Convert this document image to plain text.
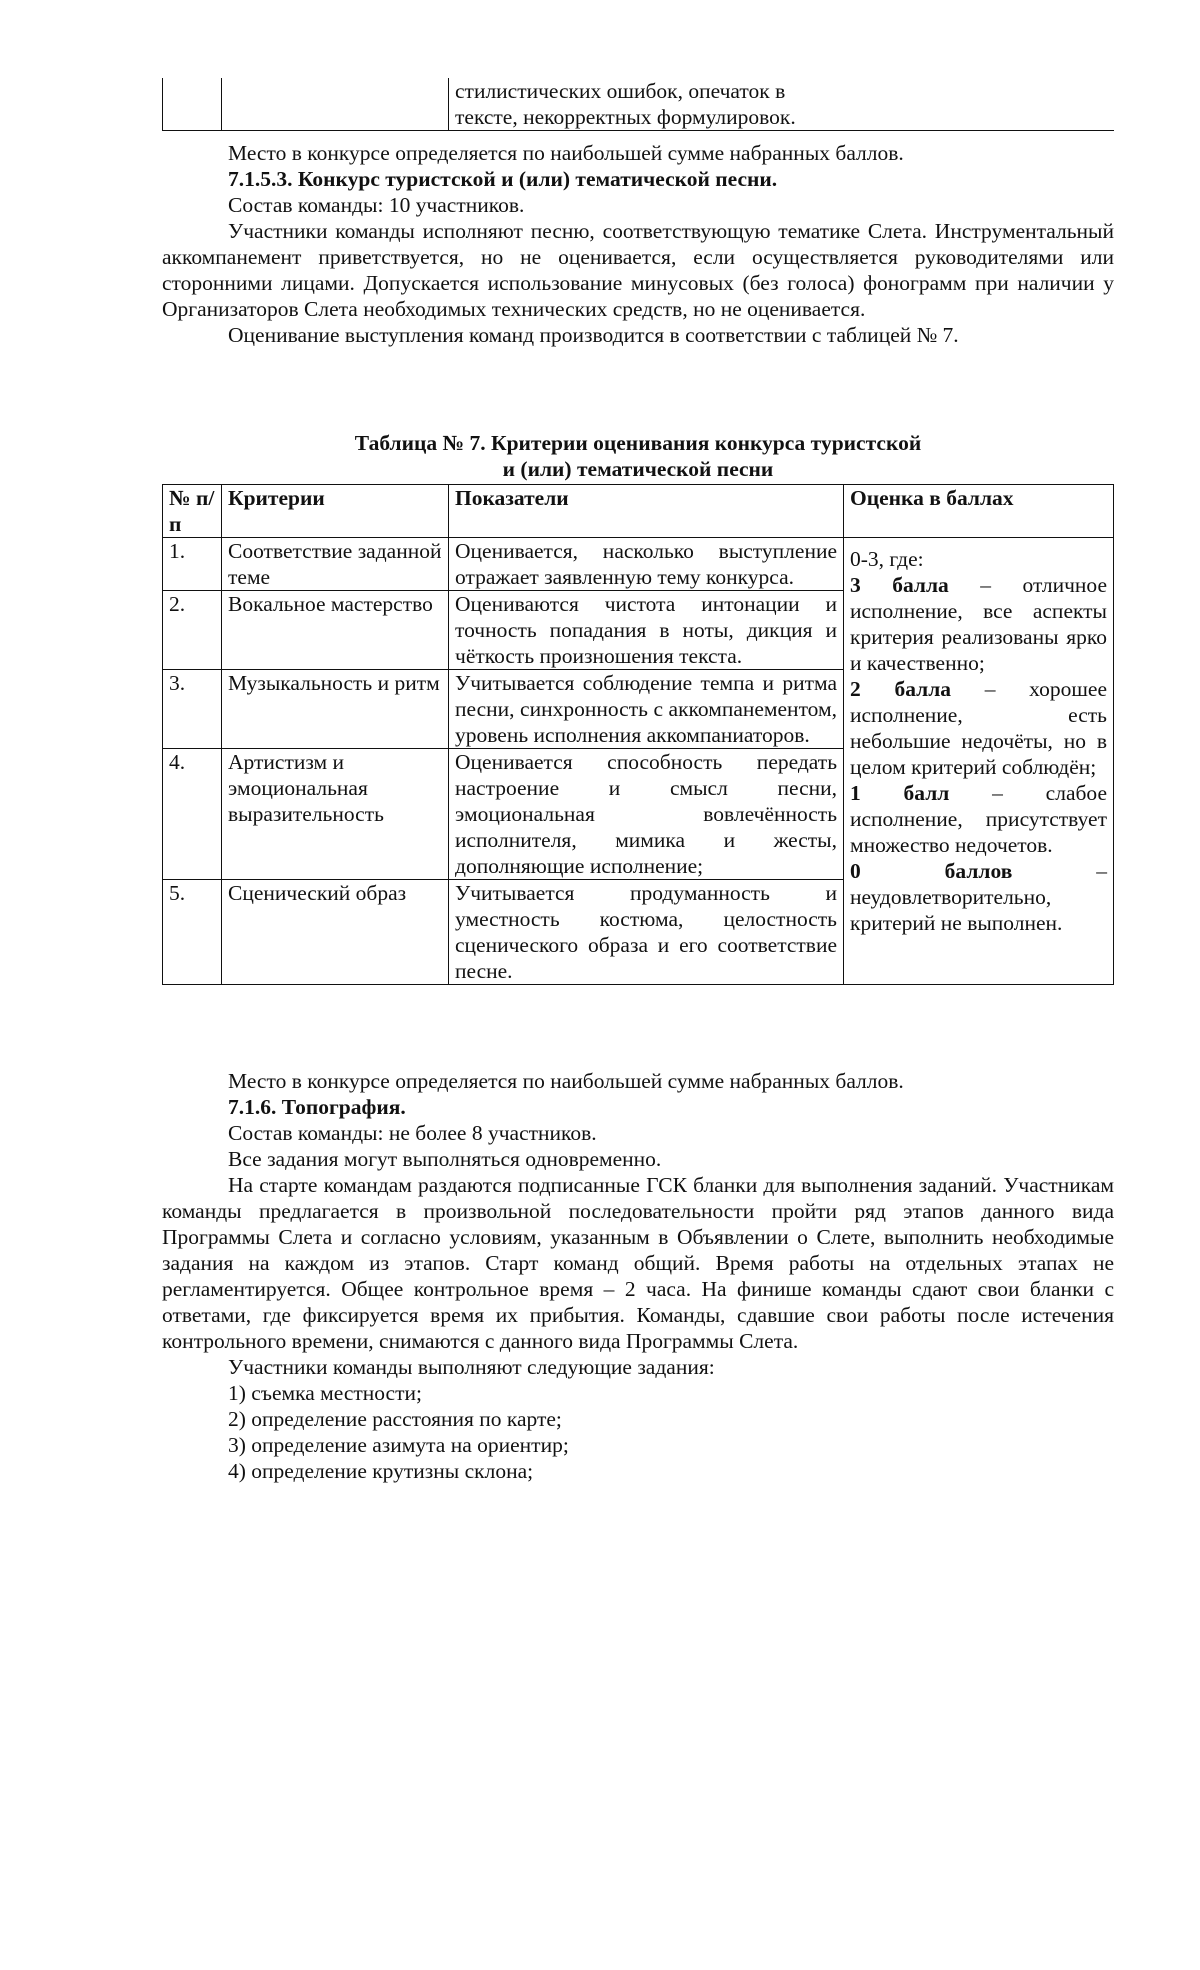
стилистических ошибок, опечаток в
тексте, некорректных формулировок.

Место в конкурсе определяется по наибольшей сумме набранных баллов.

7.1.5.3. Конкурс туристской и (или) тематической песни.

Состав команды: 10 участников.

Участники команды исполняют песню, соответствующую тематике Слета. Инструментальный аккомпанемент приветствуется, но не оценивается, если осуществляется руководителями или сторонними лицами. Допускается использование минусовых (без голоса) фонограмм при наличии у Организаторов Слета необходимых технических средств, но не оценивается.

Оценивание выступления команд производится в соответствии с таблицей № 7.

Таблица № 7. Критерии оценивания конкурса туристской

и (или) тематической песни

№ п/п	Критерии	Показатели	Оценка в баллах
1.	Соответствие заданной теме	Оценивается, насколько выступление отражает заявленную тему конкурса.	0-3, где:
3 балла – отличное исполнение, все аспекты критерия реализованы ярко и качественно;
2 балла – хорошее исполнение, есть небольшие недочёты, но в целом критерий соблюдён;
1 балл – слабое исполнение, присутствует множество недочетов.
0 баллов – неудовлетворительно, критерий не выполнен.

2.	Вокальное мастерство	Оцениваются чистота интонации и точность попадания в ноты, дикция и чёткость произношения текста.	
3.	Музыкальность и ритм	Учитывается соблюдение темпа и ритма песни, синхронность с аккомпанементом, уровень исполнения аккомпаниаторов.	
4.	Артистизм и эмоциональная выразительность	Оценивается способность передать настроение и смысл песни, эмоциональная вовлечённость исполнителя, мимика и жесты, дополняющие исполнение;	
5.	Сценический образ	Учитывается продуманность и уместность костюма, целостность сценического образа и его соответствие песне.	

Место в конкурсе определяется по наибольшей сумме набранных баллов.

7.1.6. Топография.

Состав команды: не более 8 участников.

Все задания могут выполняться одновременно.

На старте командам раздаются подписанные ГСК бланки для выполнения заданий. Участникам команды предлагается в произвольной последовательности пройти ряд этапов данного вида Программы Слета и согласно условиям, указанным в Объявлении о Слете, выполнить необходимые задания на каждом из этапов. Старт команд общий. Время работы на отдельных этапах не регламентируется. Общее контрольное время – 2 часа. На финише команды сдают свои бланки с ответами, где фиксируется время их прибытия. Команды, сдавшие свои работы после истечения контрольного времени, снимаются с данного вида Программы Слета.

Участники команды выполняют следующие задания:

1) съемка местности;
2) определение расстояния по карте;
3) определение азимута на ориентир;
4) определение крутизны склона;
